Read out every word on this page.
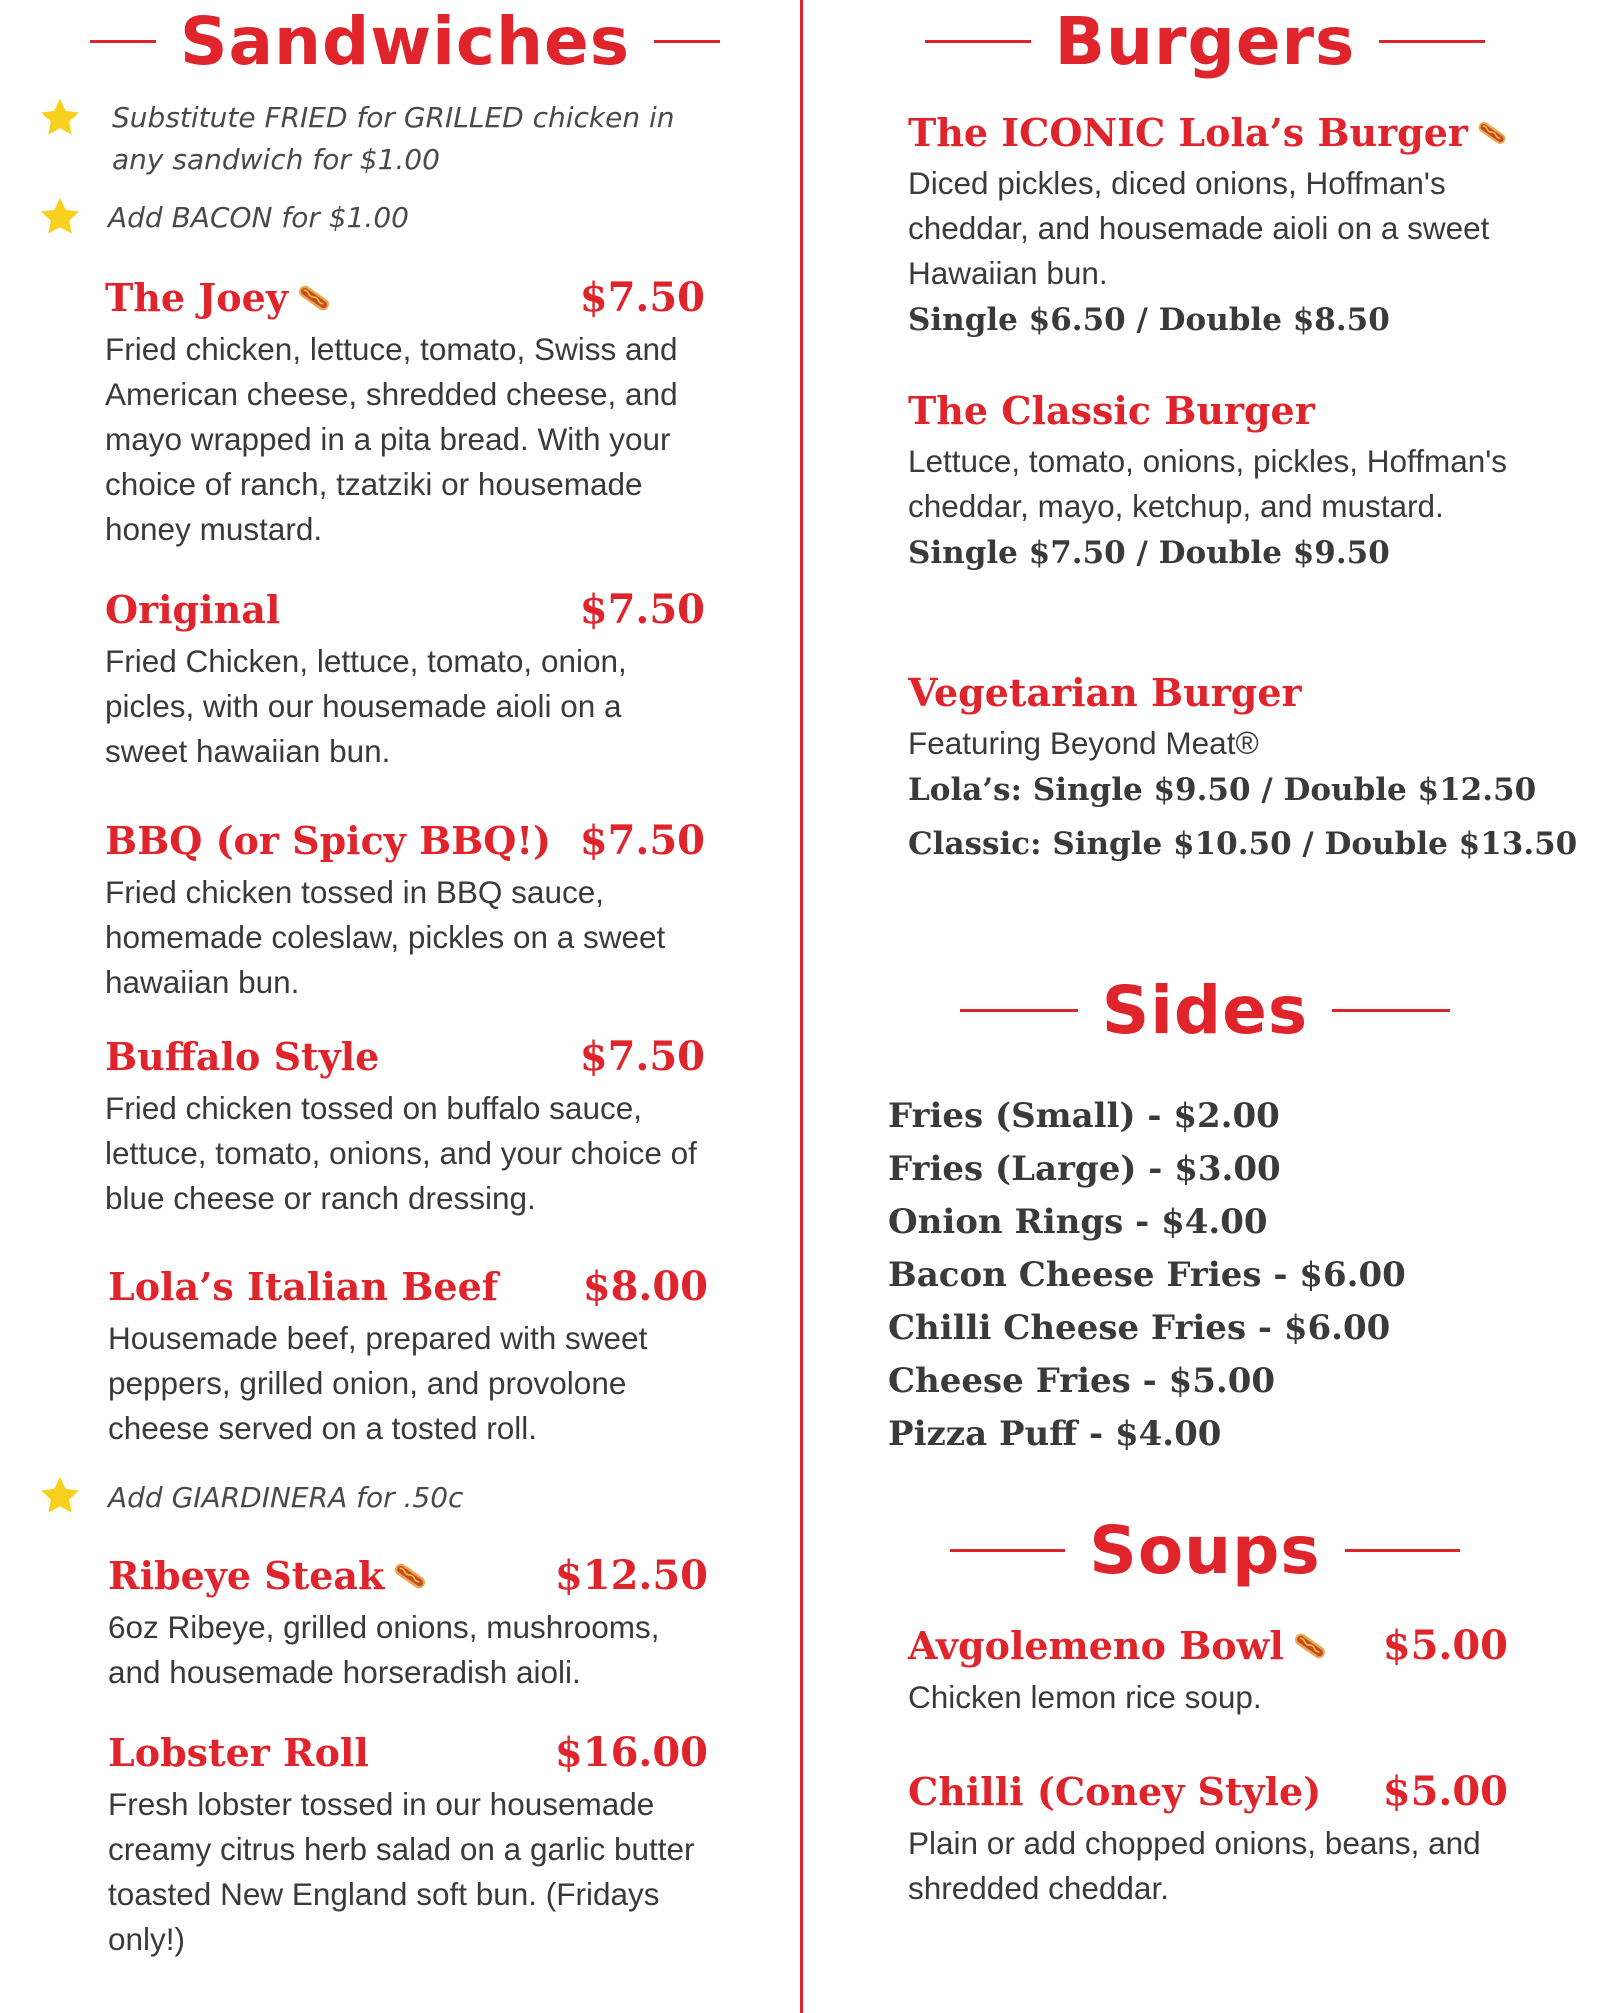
Sandwiches
Substitute FRIED for GRILLED chicken in any sandwich for $1.00
Add BACON for $1.00
The Joey	$7.50
Fried chicken, lettuce, tomato, Swiss and American cheese, shredded cheese, and mayo wrapped in a pita bread. With your choice of ranch, tzatziki or housemade honey mustard.
Original	$7.50
Fried Chicken, lettuce, tomato, onion, picles, with our housemade aioli on a sweet hawaiian bun.
BBQ (or Spicy BBQ!) $7.50
Fried chicken tossed in BBQ sauce, homemade coleslaw, pickles on a sweet hawaiian bun.
Buffalo Style	$7.50
Fried chicken tossed on buffalo sauce, lettuce, tomato, onions, and your choice of blue cheese or ranch dressing.
Lola’s Italian Beef $8.00
Housemade beef, prepared with sweet peppers, grilled onion, and provolone cheese served on a tosted roll.
Add GIARDINERA for .50c
Ribeye Steak	$12.50
6oz Ribeye, grilled onions, mushrooms, and housemade horseradish aioli.
Lobster Roll	$16.00
Fresh lobster tossed in our housemade creamy citrus herb salad on a garlic butter toasted New England soft bun. (Fridays only!)
Burgers
The ICONIC Lola’s Burger
Diced pickles, diced onions, Hoffman's cheddar, and housemade aioli on a sweet Hawaiian bun.
Single $6.50 / Double $8.50
The Classic Burger
Lettuce, tomato, onions, pickles, Hoffman's cheddar, mayo, ketchup, and mustard.
Single $7.50 / Double $9.50
Vegetarian Burger
Featuring Beyond Meat®
Lola’s: Single $9.50 / Double $12.50
Classic: Single $10.50 / Double $13.50
Sides
Fries (Small) - $2.00
Fries (Large) - $3.00
Onion Rings - $4.00
Bacon Cheese Fries - $6.00
Chilli Cheese Fries - $6.00
Cheese Fries - $5.00
Pizza Puff - $4.00
Soups
Avgolemeno Bowl $5.00
Chicken lemon rice soup.
Chilli (Coney Style) $5.00
Plain or add chopped onions, beans, and shredded cheddar.
